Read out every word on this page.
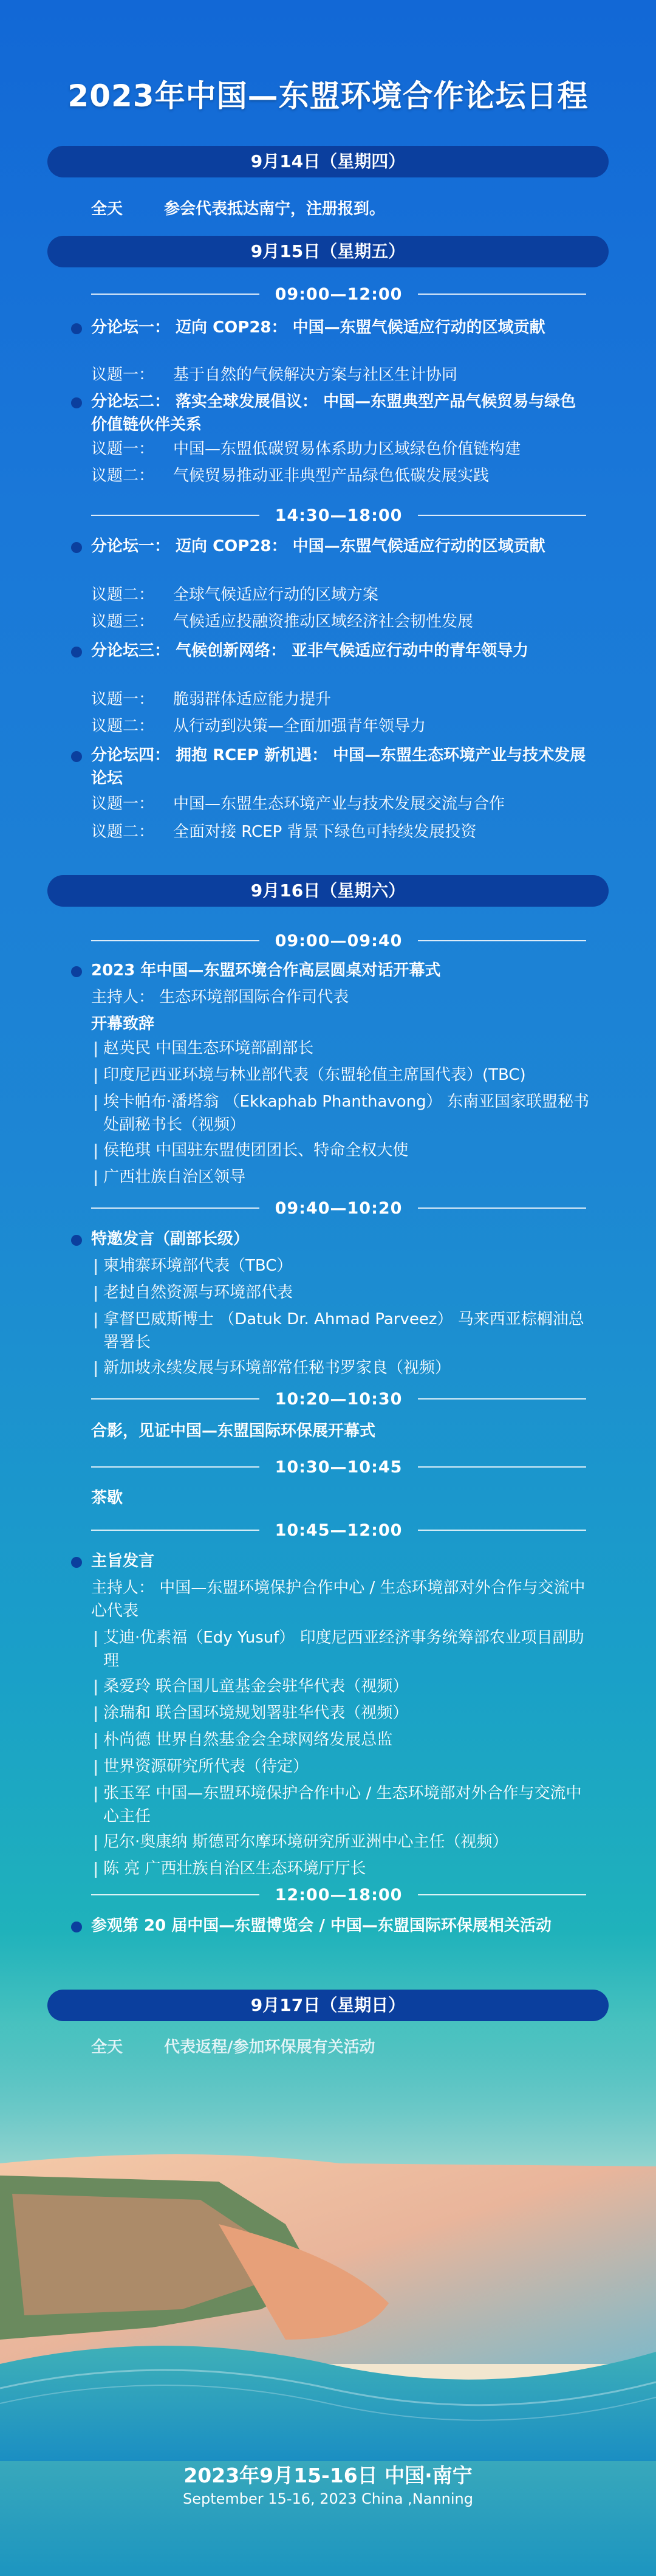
2023年中国—东盟环境合作论坛日程
9月14日（星期四）
全天	参会代表抵达南宁，注册报到。
9月15日（星期五）
09:00—12:00
分论坛一： 迈向 COP28： 中国—东盟气候适应行动的区域贡献
议题一： 基于自然的气候解决方案与社区生计协同
分论坛二： 落实全球发展倡议： 中国—东盟典型产品气候贸易与绿色价值链伙伴关系
议题一： 中国—东盟低碳贸易体系助力区域绿色价值链构建
议题二： 气候贸易推动亚非典型产品绿色低碳发展实践
14:30—18:00
分论坛一： 迈向 COP28： 中国—东盟气候适应行动的区域贡献
议题二： 全球气候适应行动的区域方案
议题三： 气候适应投融资推动区域经济社会韧性发展
分论坛三： 气候创新网络： 亚非气候适应行动中的青年领导力
议题一： 脆弱群体适应能力提升
议题二： 从行动到决策—全面加强青年领导力
分论坛四： 拥抱 RCEP 新机遇： 中国—东盟生态环境产业与技术发展论坛
议题一： 中国—东盟生态环境产业与技术发展交流与合作
议题二： 全面对接 RCEP 背景下绿色可持续发展投资
9月16日（星期六）
09:00—09:40
2023 年中国—东盟环境合作高层圆桌对话开幕式
主持人： 生态环境部国际合作司代表
开幕致辞
赵英民 中国生态环境部副部长
印度尼西亚环境与林业部代表（东盟轮值主席国代表）(TBC)
埃卡帕布·潘塔翁 （Ekkaphab Phanthavong） 东南亚国家联盟秘书处副秘书长（视频）
侯艳琪 中国驻东盟使团团长、特命全权大使
广西壮族自治区领导
09:40—10:20
特邀发言（副部长级）
柬埔寨环境部代表（TBC）
老挝自然资源与环境部代表
拿督巴威斯博士 （Datuk Dr. Ahmad Parveez） 马来西亚棕榈油总署署长
新加坡永续发展与环境部常任秘书罗家良（视频）
10:20—10:30
合影，见证中国—东盟国际环保展开幕式
10:30—10:45
茶歇
10:45—12:00
主旨发言
主持人： 中国—东盟环境保护合作中心 / 生态环境部对外合作与交流中心代表
艾迪·优素福（Edy Yusuf） 印度尼西亚经济事务统筹部农业项目副助理
桑爱玲 联合国儿童基金会驻华代表（视频）
涂瑞和 联合国环境规划署驻华代表（视频）
朴尚德 世界自然基金会全球网络发展总监
世界资源研究所代表（待定）
张玉军 中国—东盟环境保护合作中心 / 生态环境部对外合作与交流中心主任
尼尔·奥康纳 斯德哥尔摩环境研究所亚洲中心主任（视频）
陈 亮 广西壮族自治区生态环境厅厅长
12:00—18:00
参观第 20 届中国—东盟博览会 / 中国—东盟国际环保展相关活动
9月17日（星期日）
2023年9月15-16日 中国·南宁
September 15-16, 2023 China ,Nanning
